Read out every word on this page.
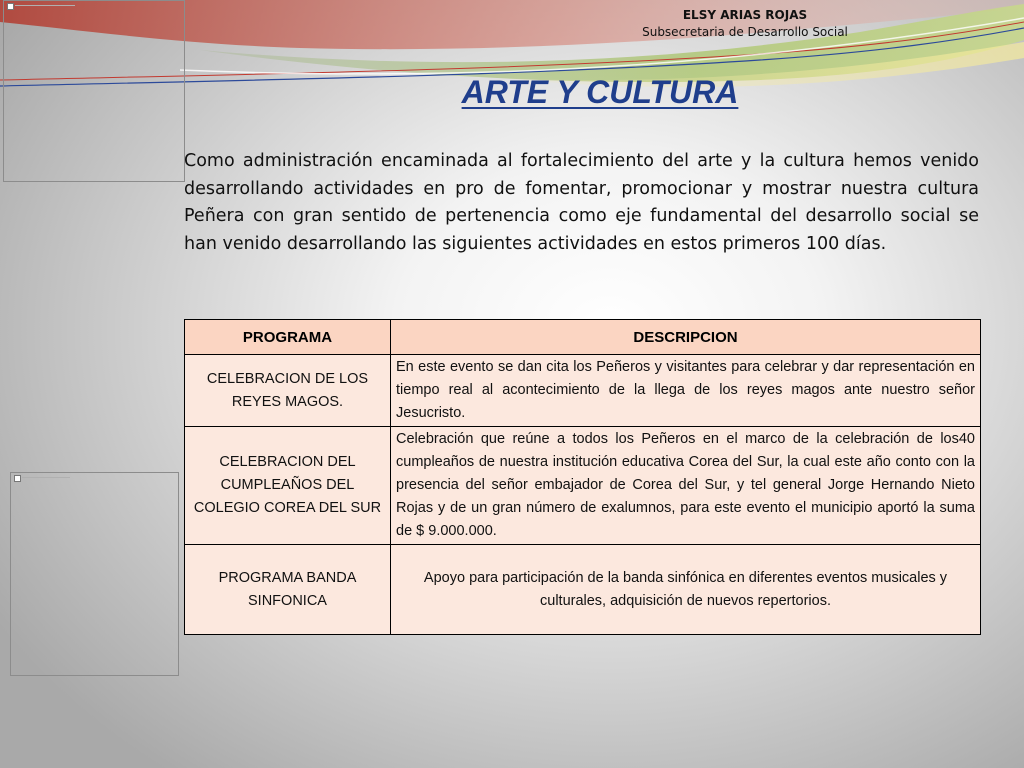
ELSY ARIAS ROJAS
Subsecretaria de Desarrollo Social
ARTE Y CULTURA

Como administración encaminada al fortalecimiento del arte y la cultura hemos venido desarrollando actividades en pro de fomentar, promocionar y mostrar nuestra cultura Peñera con gran sentido de pertenencia como eje fundamental del desarrollo social se han venido desarrollando las siguientes actividades en estos primeros 100 días.

PROGRAMA	DESCRIPCION
CELEBRACION DE LOS REYES MAGOS.	En este evento se dan cita los Peñeros y visitantes para celebrar y dar representación en tiempo real al acontecimiento de la llega de los reyes magos ante nuestro señor Jesucristo.
CELEBRACION DEL CUMPLEAÑOS DEL COLEGIO COREA DEL SUR	Celebración que reúne a todos los Peñeros en el marco de la celebración de los40 cumpleaños de nuestra institución educativa Corea del Sur, la cual este año conto con la presencia del señor embajador de Corea del Sur, y tel general Jorge Hernando Nieto Rojas y de un gran número de exalumnos, para este evento el municipio aportó la suma de $ 9.000.000.
PROGRAMA BANDA SINFONICA	Apoyo para participación de la banda sinfónica en diferentes eventos musicales y culturales, adquisición de nuevos repertorios.
